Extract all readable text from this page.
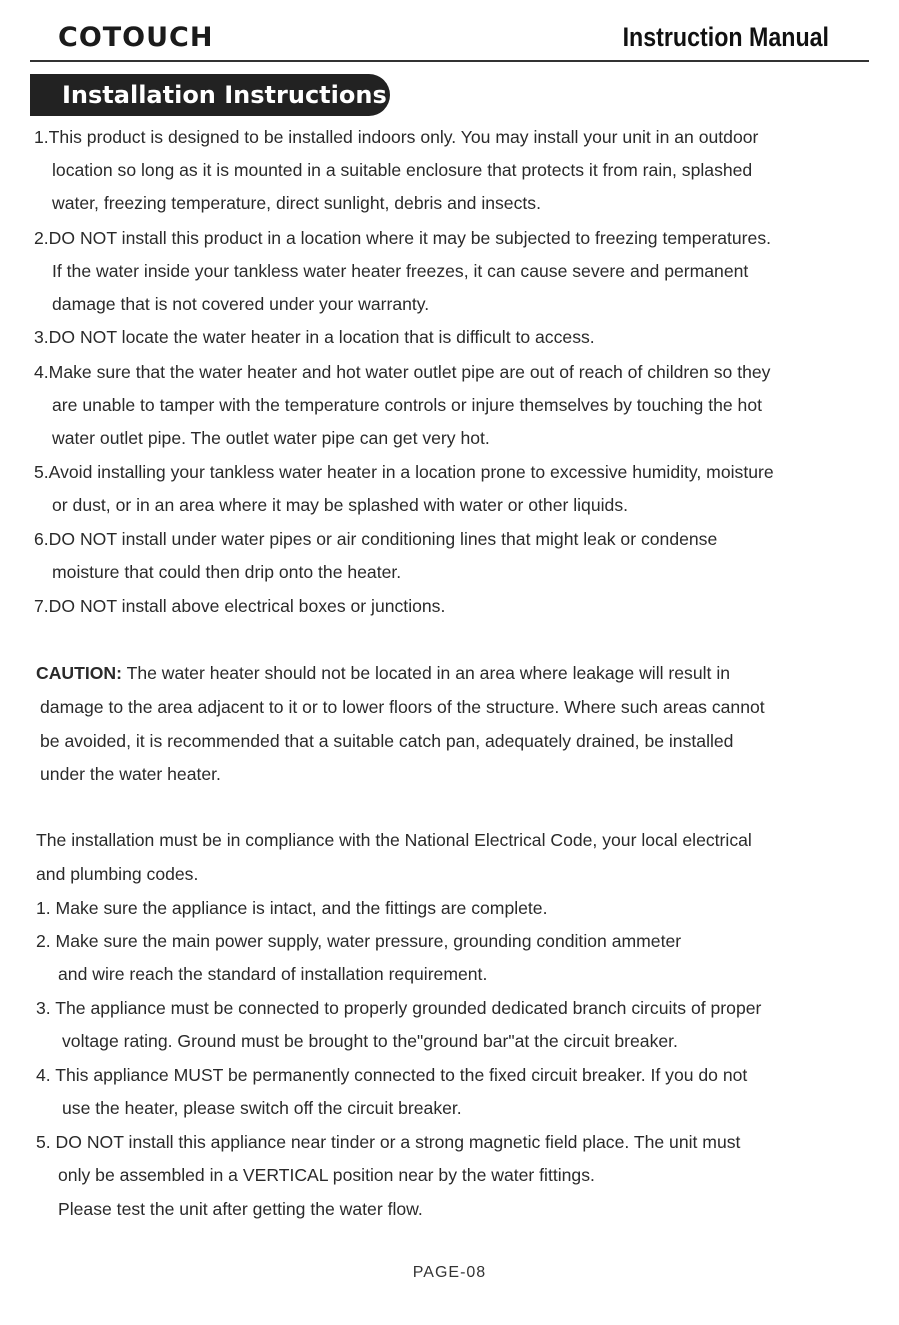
COTOUCH	Instruction Manual
Installation Instructions
1.This product is designed to be installed indoors only. You may install your unit in an outdoor
location so long as it is mounted in a suitable enclosure that protects it from rain, splashed
water, freezing temperature, direct sunlight, debris and insects.
2.DO NOT install this product in a location where it may be subjected to freezing temperatures.
If the water inside your tankless water heater freezes, it can cause severe and permanent
damage that is not covered under your warranty.
3.DO NOT locate the water heater in a location that is difficult to access.
4.Make sure that the water heater and hot water outlet pipe are out of reach of children so they
are unable to tamper with the temperature controls or injure themselves by touching the hot
water outlet pipe. The outlet water pipe can get very hot.
5.Avoid installing your tankless water heater in a location prone to excessive humidity, moisture
or dust, or in an area where it may be splashed with water or other liquids.
6.DO NOT install under water pipes or air conditioning lines that might leak or condense
moisture that could then drip onto the heater.
7.DO NOT install above electrical boxes or junctions.
CAUTION: The water heater should not be located in an area where leakage will result in
damage to the area adjacent to it or to lower floors of the structure. Where such areas cannot
be avoided, it is recommended that a suitable catch pan, adequately drained, be installed
under the water heater.
The installation must be in compliance with the National Electrical Code, your local electrical
and plumbing codes.
1. Make sure the appliance is intact, and the fittings are complete.
2. Make sure the main power supply, water pressure, grounding condition ammeter
and wire reach the standard of installation requirement.
3. The appliance must be connected to properly grounded dedicated branch circuits of proper
voltage rating. Ground must be brought to the"ground bar"at the circuit breaker.
4. This appliance MUST be permanently connected to the fixed circuit breaker. If you do not
use the heater, please switch off the circuit breaker.
5. DO NOT install this appliance near tinder or a strong magnetic field place. The unit must
only be assembled in a VERTICAL position near by the water fittings.
Please test the unit after getting the water flow.
PAGE-08
